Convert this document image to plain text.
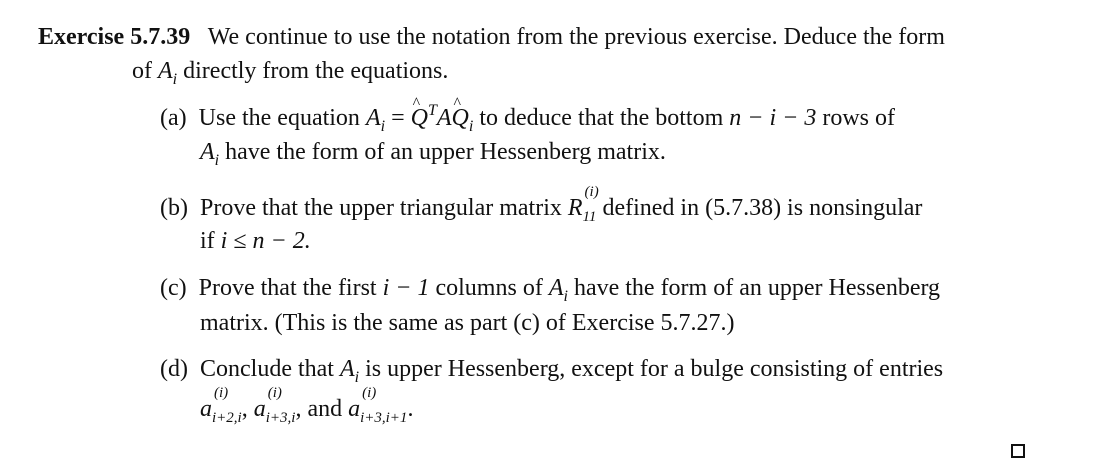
Exercise 5.7.39 We continue to use the notation from the previous exercise. Deduce the form
of $A_i$ directly from the equations.
(a) Use the equation $A_i$ = ^ $Q^TA\^{}$ $Q_i$ to deduce that the bottom n − i − 3 rows of
$A_i$ have the form of an upper Hessenberg matrix.
(b) Prove that the upper triangular matrix R
(i)
$_{11}$ defined in (5.7.38) is nonsingular
if i ≤ n − 2.
(c) Prove that the first i − 1 columns of $A_i$ have the form of an upper Hessenberg
matrix. (This is the same as part (c) of Exercise 5.7.27.)
(d) Conclude that $A_i$ is upper Hessenberg, except for a bulge consisting of entries
a
(i)
$_{i+2,i}$, a
(i)
$_{i+3,i}$, and a
(i)
$_{i+3,i+1}$.
